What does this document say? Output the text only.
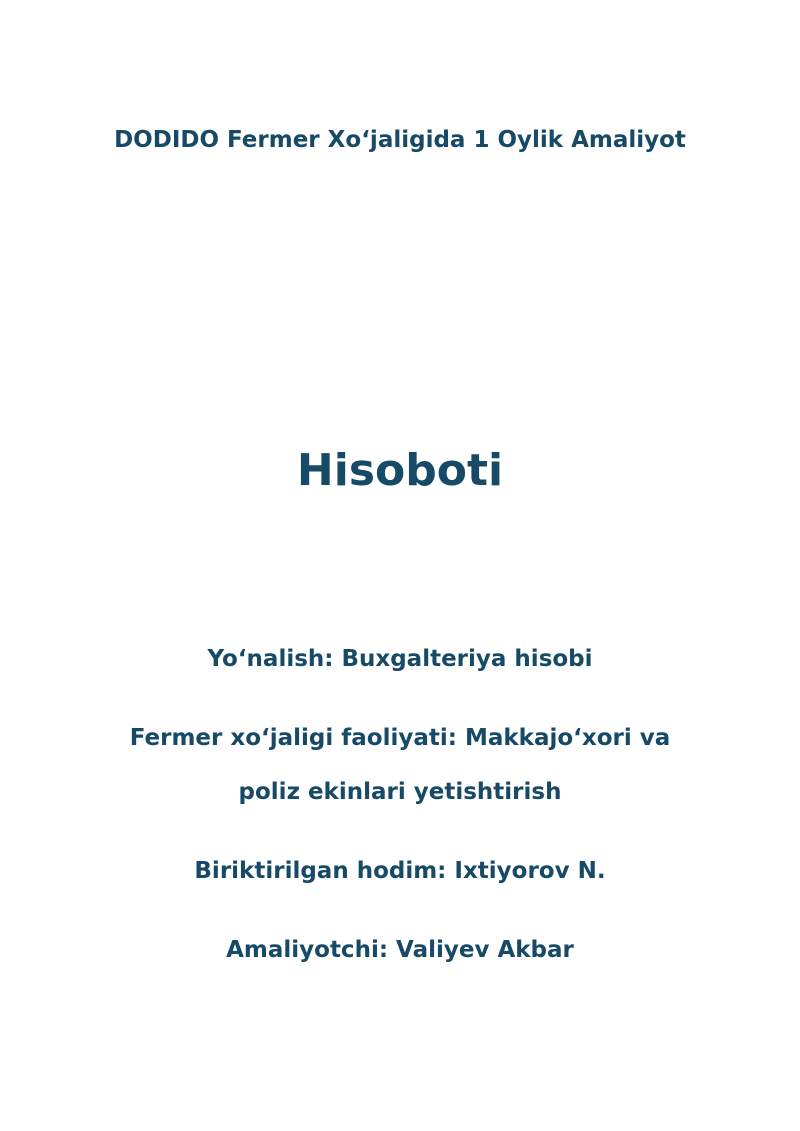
DODIDO Fermer Xo‘jaligida 1 Oylik Amaliyot
Hisoboti
Yo‘nalish: Buxgalteriya hisobi
Fermer xo‘jaligi faoliyati: Makkajo‘xori va
poliz ekinlari yetishtirish
Biriktirilgan hodim: Ixtiyorov N.
Amaliyotchi: Valiyev Akbar
